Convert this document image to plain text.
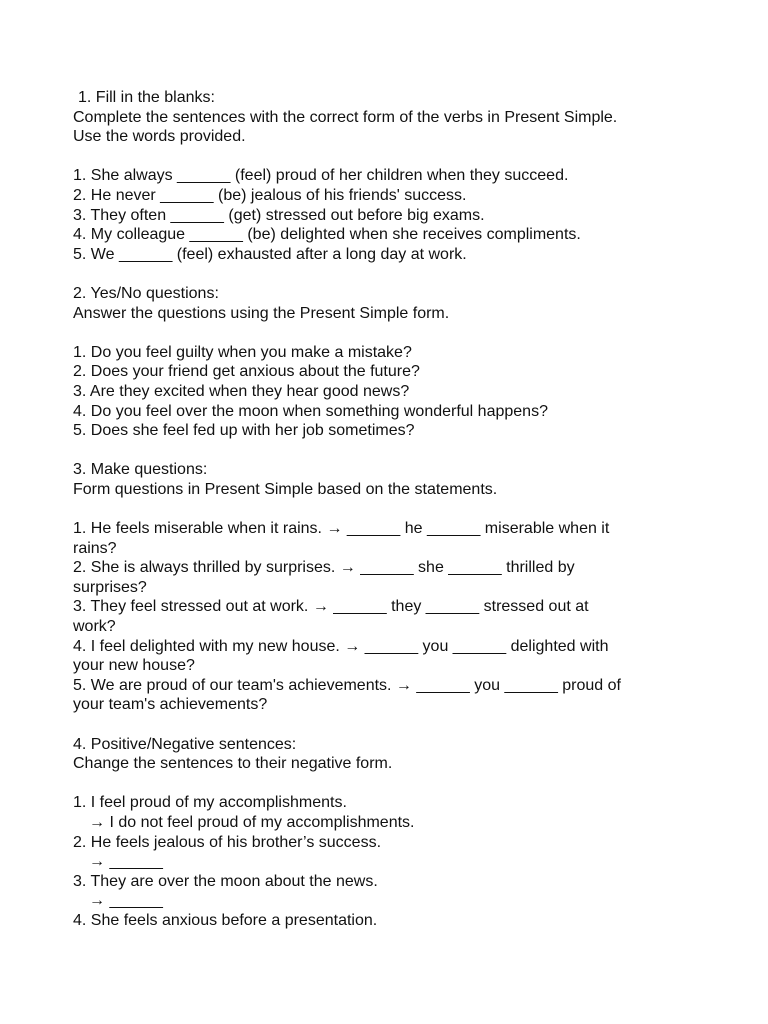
1. Fill in the blanks:
Complete the sentences with the correct form of the verbs in Present Simple.
Use the words provided.
1. She always ______ (feel) proud of her children when they succeed.
2. He never ______ (be) jealous of his friends' success.
3. They often ______ (get) stressed out before big exams.
4. My colleague ______ (be) delighted when she receives compliments.
5. We ______ (feel) exhausted after a long day at work.
2. Yes/No questions:
Answer the questions using the Present Simple form.
1. Do you feel guilty when you make a mistake?
2. Does your friend get anxious about the future?
3. Are they excited when they hear good news?
4. Do you feel over the moon when something wonderful happens?
5. Does she feel fed up with her job sometimes?
3. Make questions:
Form questions in Present Simple based on the statements.
1. He feels miserable when it rains. → ______ he ______ miserable when it
rains?
2. She is always thrilled by surprises. → ______ she ______ thrilled by
surprises?
3. They feel stressed out at work. → ______ they ______ stressed out at
work?
4. I feel delighted with my new house. → ______ you ______ delighted with
your new house?
5. We are proud of our team's achievements. → ______ you ______ proud of
your team's achievements?
4. Positive/Negative sentences:
Change the sentences to their negative form.
1. I feel proud of my accomplishments.
→ I do not feel proud of my accomplishments.
2. He feels jealous of his brother’s success.
→ ______
3. They are over the moon about the news.
→ ______
4. She feels anxious before a presentation.
